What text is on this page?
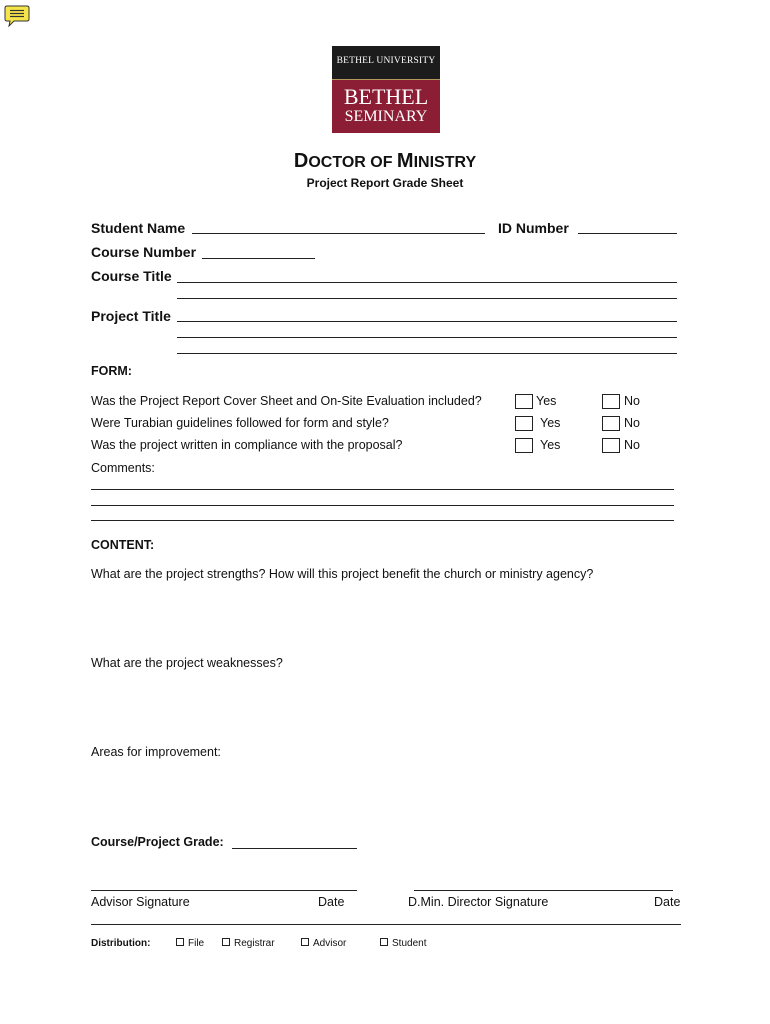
BETHEL UNIVERSITY
BETHEL
SEMINARY
DOCTOR OF MINISTRY
Project Report Grade Sheet
Student Name	ID Number
Course Number
Course Title
Project Title
FORM:
Was the Project Report Cover Sheet and On-Site Evaluation included?	Yes	No
Were Turabian guidelines followed for form and style?	Yes	No
Was the project written in compliance with the proposal?	Yes	No
Comments:
CONTENT:
What are the project strengths? How will this project benefit the church or ministry agency?
What are the project weaknesses?
Areas for improvement:
Course/Project Grade:
Advisor Signature	Date	D.Min. Director Signature	Date
Distribution:	File	Registrar	Advisor	Student
